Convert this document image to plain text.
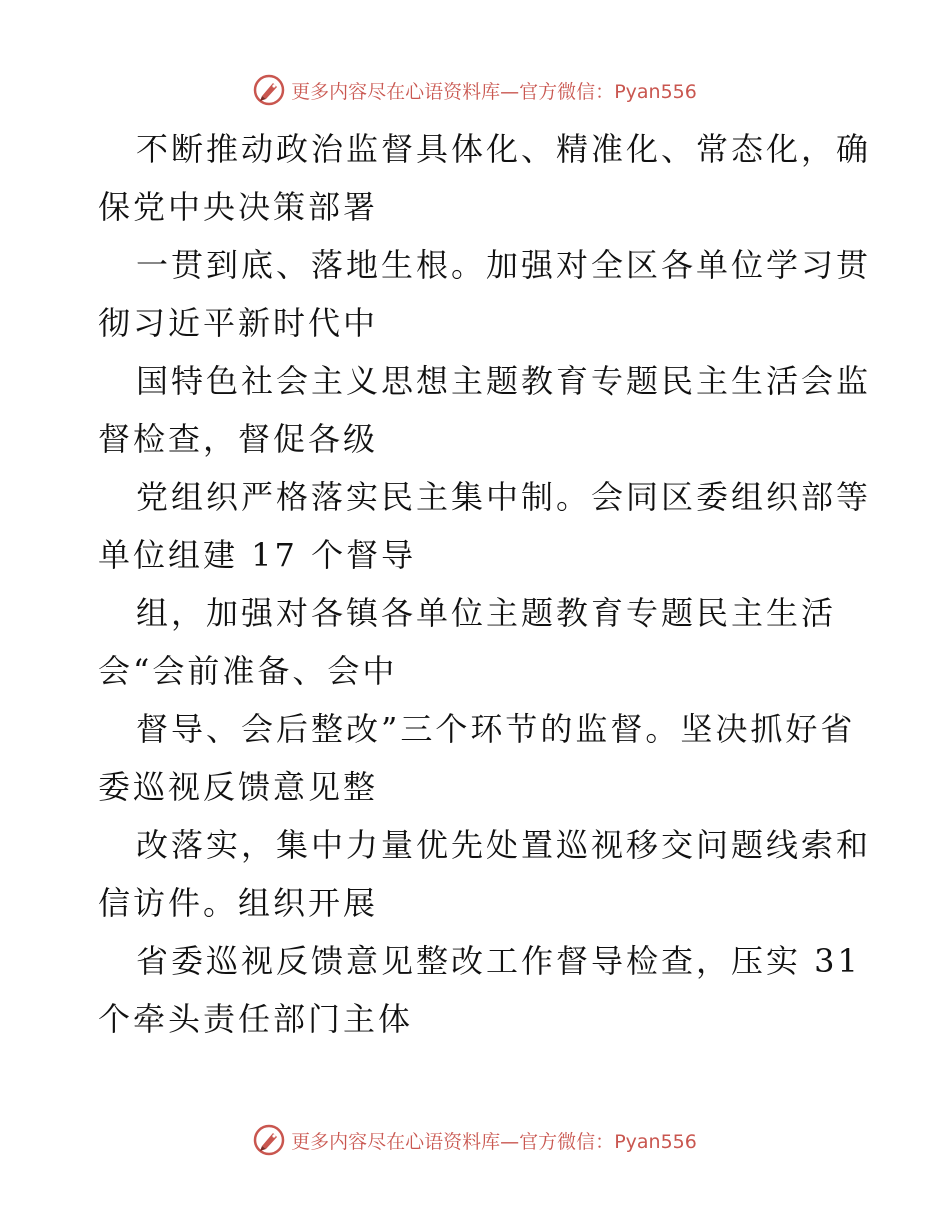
更多内容尽在心语资料库—官方微信：Pyan556
不断推动政治监督具体化、精准化、常态化，确
保党中央决策部署
一贯到底、落地生根。加强对全区各单位学习贯
彻习近平新时代中
国特色社会主义思想主题教育专题民主生活会监
督检查，督促各级
党组织严格落实民主集中制。会同区委组织部等
单位组建 17 个督导
组，加强对各镇各单位主题教育专题民主生活
会“会前准备、会中
督导、会后整改”三个环节的监督。坚决抓好省
委巡视反馈意见整
改落实，集中力量优先处置巡视移交问题线索和
信访件。组织开展
省委巡视反馈意见整改工作督导检查，压实 31
个牵头责任部门主体
更多内容尽在心语资料库—官方微信：Pyan556
